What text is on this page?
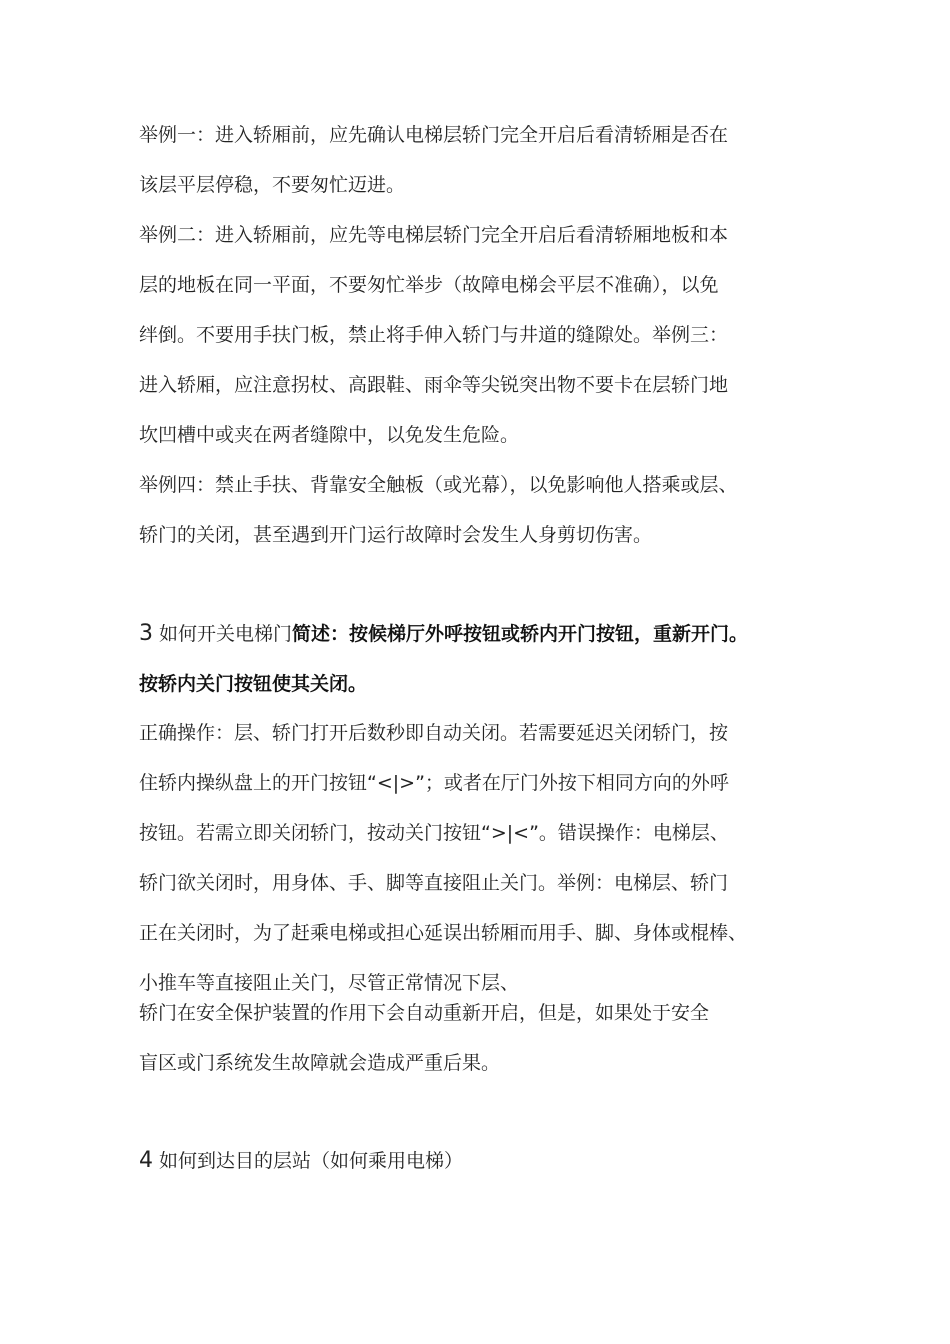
举例一：进入轿厢前，应先确认电梯层轿门完全开启后看清轿厢是否在

该层平层停稳，不要匆忙迈进。

举例二：进入轿厢前，应先等电梯层轿门完全开启后看清轿厢地板和本

层的地板在同一平面，不要匆忙举步（故障电梯会平层不准确），以免

绊倒。不要用手扶门板，禁止将手伸入轿门与井道的缝隙处。举例三：

进入轿厢，应注意拐杖、高跟鞋、雨伞等尖锐突出物不要卡在层轿门地

坎凹槽中或夹在两者缝隙中，以免发生危险。

举例四：禁止手扶、背靠安全触板（或光幕），以免影响他人搭乘或层、

轿门的关闭，甚至遇到开门运行故障时会发生人身剪切伤害。

3 如何开关电梯门简述：按候梯厅外呼按钮或轿内开门按钮，重新开门。

按轿内关门按钮使其关闭。

正确操作：层、轿门打开后数秒即自动关闭。若需要延迟关闭轿门，按

住轿内操纵盘上的开门按钮“<|>”；或者在厅门外按下相同方向的外呼

按钮。若需立即关闭轿门，按动关门按钮“>|<”。错误操作：电梯层、

轿门欲关闭时，用身体、手、脚等直接阻止关门。举例：电梯层、轿门

正在关闭时，为了赶乘电梯或担心延误出轿厢而用手、脚、身体或棍棒、

小推车等直接阻止关门，尽管正常情况下层、

轿门在安全保护装置的作用下会自动重新开启，但是，如果处于安全

盲区或门系统发生故障就会造成严重后果。

4 如何到达目的层站（如何乘用电梯）
